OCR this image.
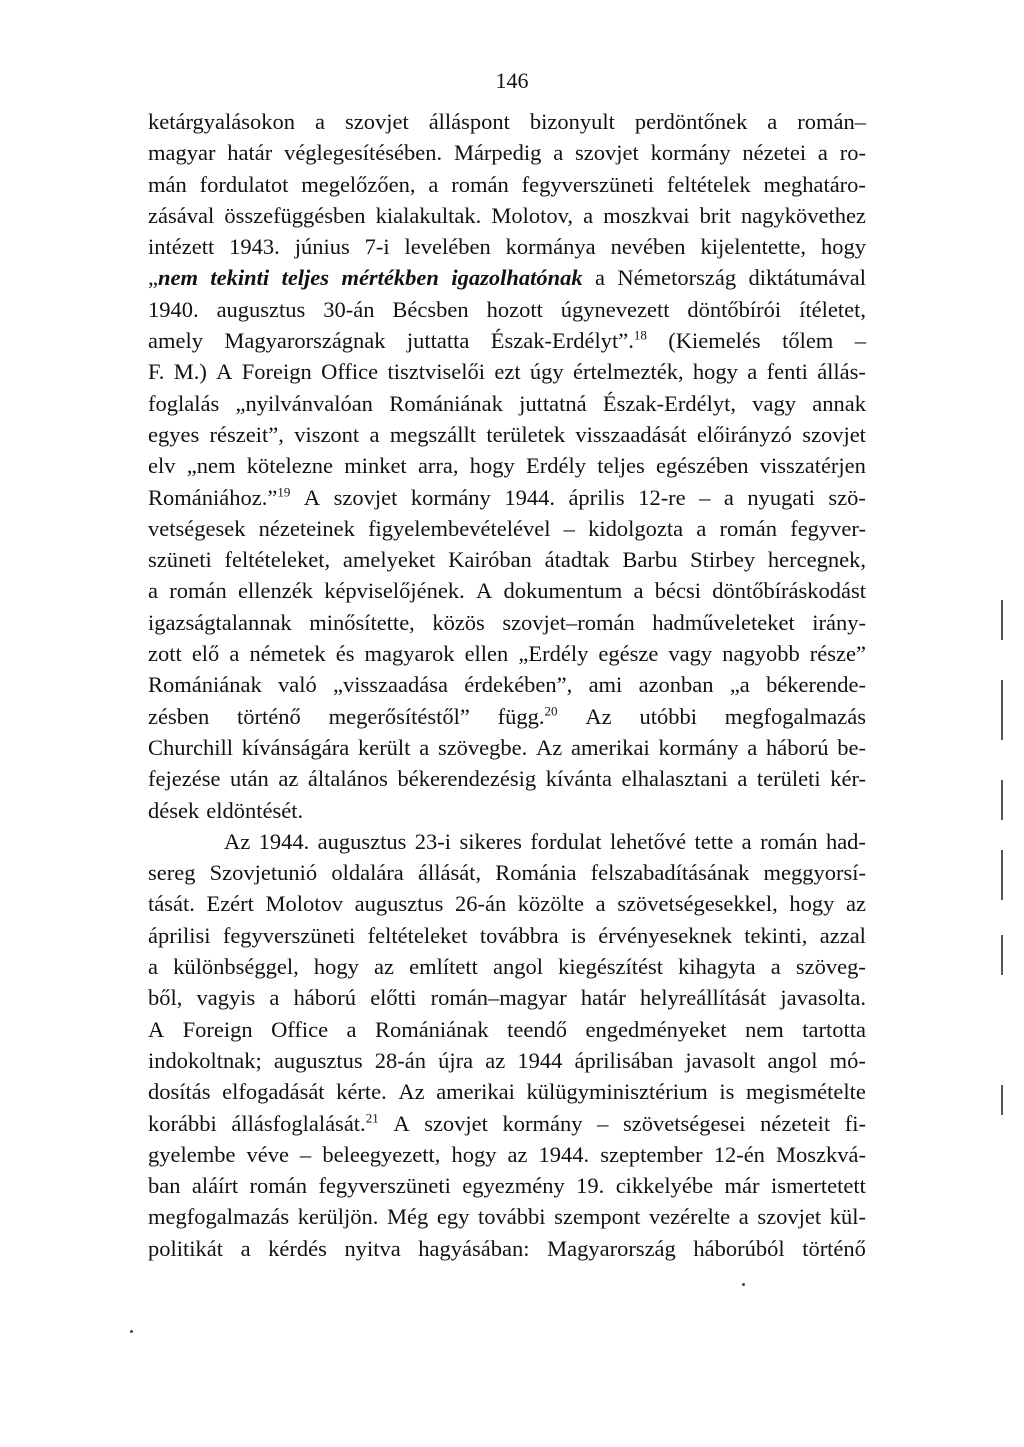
146
ketárgyalásokon a szovjet álláspont bizonyult perdöntőnek a román–
magyar határ véglegesítésében. Márpedig a szovjet kormány nézetei a ro-
mán fordulatot megelőzően, a román fegyverszüneti feltételek meghatáro-
zásával összefüggésben kialakultak. Molotov, a moszkvai brit nagykövethez
intézett 1943. június 7-i levelében kormánya nevében kijelentette, hogy
„nem tekinti teljes mértékben igazolhatónak a Németország diktátumával
1940. augusztus 30-án Bécsben hozott úgynevezett döntőbírói ítéletet,
amely Magyarországnak juttatta Észak-Erdélyt”.$^{18}$ (Kiemelés tőlem –
F. M.) A Foreign Office tisztviselői ezt úgy értelmezték, hogy a fenti állás-
foglalás „nyilvánvalóan Romániának juttatná Észak-Erdélyt, vagy annak
egyes részeit”, viszont a megszállt területek visszaadását előirányzó szovjet
elv „nem kötelezne minket arra, hogy Erdély teljes egészében visszatérjen
Romániához.”$^{19}$ A szovjet kormány 1944. április 12-re – a nyugati szö-
vetségesek nézeteinek figyelembevételével – kidolgozta a román fegyver-
szüneti feltételeket, amelyeket Kairóban átadtak Barbu Stirbey hercegnek,
a román ellenzék képviselőjének. A dokumentum a bécsi döntőbíráskodást
igazságtalannak minősítette, közös szovjet–román hadműveleteket irány-
zott elő a németek és magyarok ellen „Erdély egésze vagy nagyobb része”
Romániának való „visszaadása érdekében”, ami azonban „a békerende-
zésben történő megerősítéstől” függ.$^{20}$ Az utóbbi megfogalmazás
Churchill kívánságára került a szövegbe. Az amerikai kormány a háború be-
fejezése után az általános békerendezésig kívánta elhalasztani a területi kér-
dések eldöntését.
Az 1944. augusztus 23-i sikeres fordulat lehetővé tette a román had-
sereg Szovjetunió oldalára állását, Románia felszabadításának meggyorsí-
tását. Ezért Molotov augusztus 26-án közölte a szövetségesekkel, hogy az
áprilisi fegyverszüneti feltételeket továbbra is érvényeseknek tekinti, azzal
a különbséggel, hogy az említett angol kiegészítést kihagyta a szöveg-
ből, vagyis a háború előtti román–magyar határ helyreállítását javasolta.
A Foreign Office a Romániának teendő engedményeket nem tartotta
indokoltnak; augusztus 28-án újra az 1944 áprilisában javasolt angol mó-
dosítás elfogadását kérte. Az amerikai külügyminisztérium is megismételte
korábbi állásfoglalását.$^{21}$ A szovjet kormány – szövetségesei nézeteit fi-
gyelembe véve – beleegyezett, hogy az 1944. szeptember 12-én Moszkvá-
ban aláírt román fegyverszüneti egyezmény 19. cikkelyébe már ismertetett
megfogalmazás kerüljön. Még egy további szempont vezérelte a szovjet kül-
politikát a kérdés nyitva hagyásában: Magyarország háborúból történő
